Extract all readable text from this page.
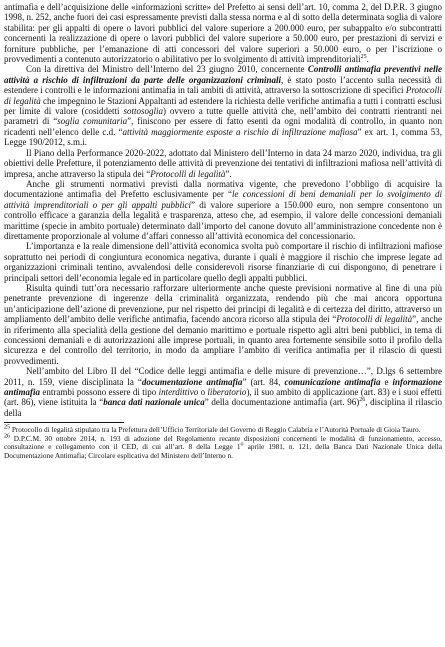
antimafia e dell’acquisizione delle «informazioni scritte» del Prefetto ai sensi dell’art. 10, comma 2, del D.P.R. 3 giugno 1998, n. 252, anche fuori dei casi espressamente previsti dalla stessa norma e al di sotto della determinata soglia di valore stabilita: per gli appalti di opere o lavori pubblici del valore superiore a 200.000 euro, per subappalto e/o subcontratti concernenti la realizzazione di opere o lavori pubblici del valore superiore a 50.000 euro, per prestazioni di servizi e forniture pubbliche, per l’emanazione di atti concessori del valore superiori a 50.000 euro, o per l’iscrizione o provvedimenti a contenuto autorizzatorio o abilitativo per lo svolgimento di attività imprenditoriali$^{25}$.

Con la direttiva del Ministro dell’Interno del 23 giugno 2010, concernente Controlli antimafia preventivi nelle attività a rischio di infiltrazioni da parte delle organizzazioni criminali, è stato posto l’accento sulla necessità di estendere i controlli e le informazioni antimafia in tali ambiti di attività, attraverso la sottoscrizione di specifici Protocolli di legalità che impegnino le Stazioni Appaltanti ad estendere la richiesta delle verifiche antimafia a tutti i contratti esclusi per limite di valore (cosiddetti sottosoglia) ovvero a tutte quelle attività che, nell’ambito dei contratti rientranti nei parametri di “soglia comunitaria”, finiscono per essere di fatto esenti da ogni modalità di controllo, in quanto non ricadenti nell’elenco delle c.d. “attività maggiormente esposte a rischio di infiltrazione mafiosa” ex art. 1, comma 53, Legge 190/2012, s.m.i.

Il Piano della Performance 2020-2022, adottato dal Ministero dell’Interno in data 24 marzo 2020, individua, tra gli obiettivi delle Prefetture, il potenziamento delle attività di prevenzione dei tentativi di infiltrazioni mafiosa nell’attività di impresa, anche attraverso la stipula dei “Protocolli di legalità”.

Anche gli strumenti normativi previsti dalla normativa vigente, che prevedono l’obbligo di acquisire la documentazione antimafia del Prefetto esclusivamente per “le concessioni di beni demaniali per lo svolgimento di attività imprenditoriali o per gli appalti pubblici” di valore superiore a 150.000 euro, non sempre consentono un controllo efficace a garanzia della legalità e trasparenza, atteso che, ad esempio, il valore delle concessioni demaniali marittime (specie in ambito portuale) determinato dall’importo del canone dovuto all’amministrazione concedente non è direttamente proporzionale al volume d’affari connesso all’attività economica del concessionario.

L’importanza e la reale dimensione dell’attività economica svolta può comportare il rischio di infiltrazioni mafiose soprattutto nei periodi di congiuntura economica negativa, durante i quali è maggiore il rischio che imprese legate ad organizzazioni criminali tentino, avvalendosi delle considerevoli risorse finanziarie di cui dispongono, di penetrare i principali settori dell’economia legale ed in particolare quello degli appalti pubblici.

Risulta quindi tutt’ora necessario rafforzare ulteriormente anche queste previsioni normative al fine di una più penetrante prevenzione di ingerenze della criminalità organizzata, rendendo più che mai ancora opportuna un’anticipazione dell’azione di prevenzione, pur nel rispetto dei principi di legalità e di certezza del diritto, attraverso un ampliamento dell’ambito delle verifiche antimafia, facendo ancora ricorso alla stipula dei “Protocolli di legalità”, anche in riferimento alla specialità della gestione del demanio marittimo e portuale rispetto agli altri beni pubblici, in tema di concessioni demaniali e di autorizzazioni alle imprese portuali, in quanto area fortemente sensibile sotto il profilo della sicurezza e del controllo del territorio, in modo da ampliare l’ambito di verifica antimafia per il rilascio di questi provvedimenti.

Nell’ambito del Libro II del “Codice delle leggi antimafia e delle misure di prevenzione…”, D.lgs 6 settembre 2011, n. 159, viene disciplinata la “documentazione antimafia” (art. 84, comunicazione antimafia e informazione antimafia entrambi possono essere di tipo interdittivo o liberatorio), il suo ambito di applicazione (art. 83) e i suoi effetti (art. 86), viene istituita la “banca dati nazionale unica” della documentazione antimafia (art. 96)$^{26}$, disciplina il rilascio della

$^{25}$ Protocollo di legalità stipulato tra la Prefettura dell’Ufficio Territoriale del Governo di Reggio Calabria e l’Autorità Portuale di Gioia Tauro.

$^{26}$ D.P.C.M. 30 ottobre 2014, n. 193 di adozione del Regolamento recante disposizioni concernenti le modalità di funzionamento, accesso, consultazione e collegamento con il CED, di cui all’art. 8 della Legge 1$^o$ aprile 1981, n. 121, della Banca Dati Nazionale Unica della Documentazione Antimafia; Circolare esplicativa del Ministero dell’Interno n.
